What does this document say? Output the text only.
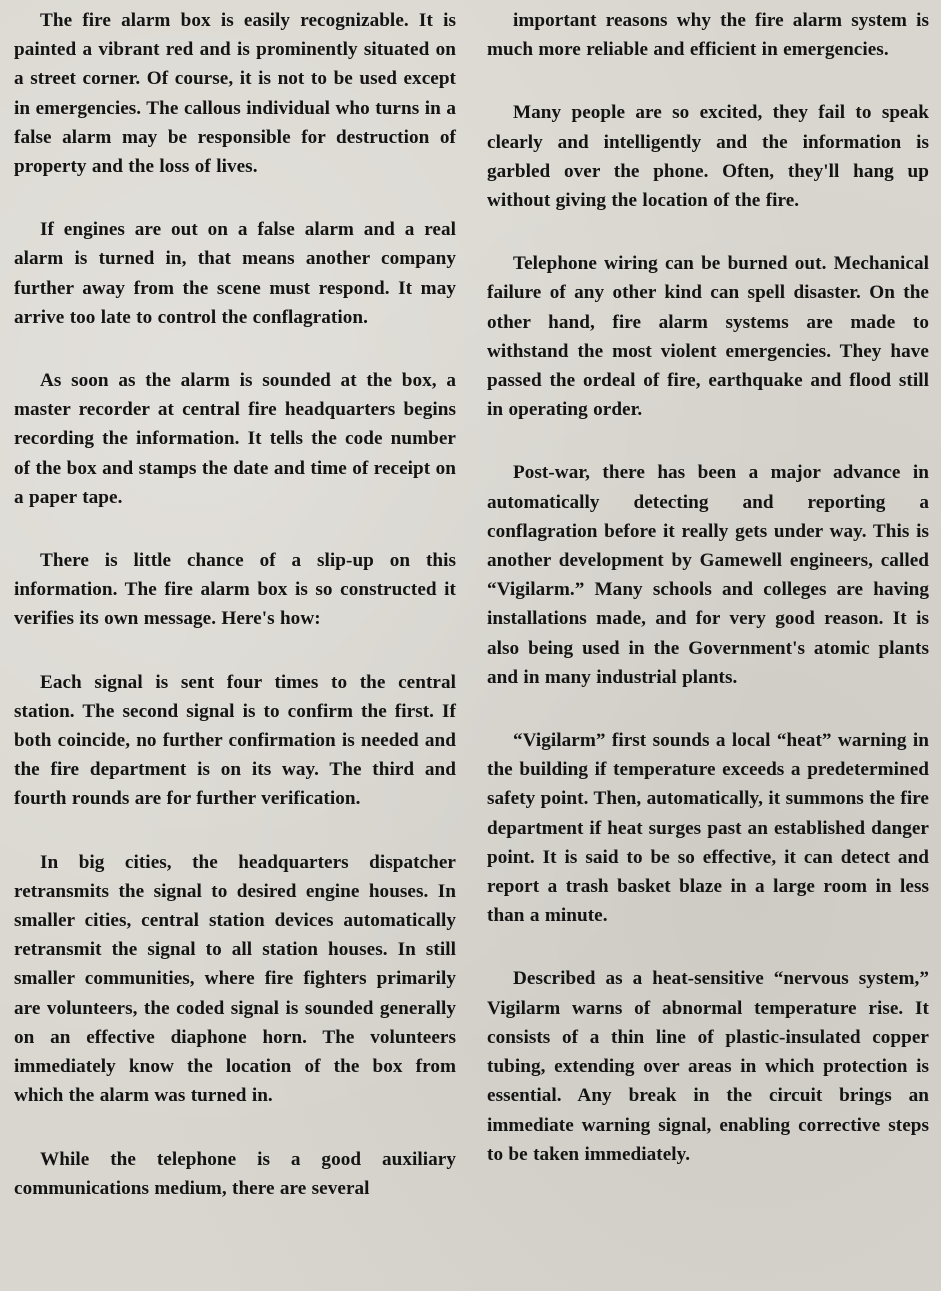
The fire alarm box is easily recognizable. It is painted a vibrant red and is prominently situated on a street corner. Of course, it is not to be used except in emergencies. The callous individual who turns in a false alarm may be responsible for destruction of property and the loss of lives.

If engines are out on a false alarm and a real alarm is turned in, that means another company further away from the scene must respond. It may arrive too late to control the conflagration.

As soon as the alarm is sounded at the box, a master recorder at central fire headquarters begins recording the information. It tells the code number of the box and stamps the date and time of receipt on a paper tape.

There is little chance of a slip-up on this information. The fire alarm box is so constructed it verifies its own message. Here's how:

Each signal is sent four times to the central station. The second signal is to confirm the first. If both coincide, no further confirmation is needed and the fire department is on its way. The third and fourth rounds are for further verification.

In big cities, the headquarters dispatcher retransmits the signal to desired engine houses. In smaller cities, central station devices automatically retransmit the signal to all station houses. In still smaller communities, where fire fighters primarily are volunteers, the coded signal is sounded generally on an effective diaphone horn. The volunteers immediately know the location of the box from which the alarm was turned in.

While the telephone is a good auxiliary communications medium, there are several

important reasons why the fire alarm system is much more reliable and efficient in emergencies.

Many people are so excited, they fail to speak clearly and intelligently and the information is garbled over the phone. Often, they'll hang up without giving the location of the fire.

Telephone wiring can be burned out. Mechanical failure of any other kind can spell disaster. On the other hand, fire alarm systems are made to withstand the most violent emergencies. They have passed the ordeal of fire, earthquake and flood still in operating order.

Post-war, there has been a major advance in automatically detecting and reporting a conflagration before it really gets under way. This is another development by Gamewell engineers, called “Vigilarm.” Many schools and colleges are having installations made, and for very good reason. It is also being used in the Government's atomic plants and in many industrial plants.

“Vigilarm” first sounds a local “heat” warning in the building if temperature exceeds a predetermined safety point. Then, automatically, it summons the fire department if heat surges past an established danger point. It is said to be so effective, it can detect and report a trash basket blaze in a large room in less than a minute.

Described as a heat-sensitive “nervous system,” Vigilarm warns of abnormal temperature rise. It consists of a thin line of plastic-insulated copper tubing, extending over areas in which protection is essential. Any break in the circuit brings an immediate warning signal, enabling corrective steps to be taken immediately.
